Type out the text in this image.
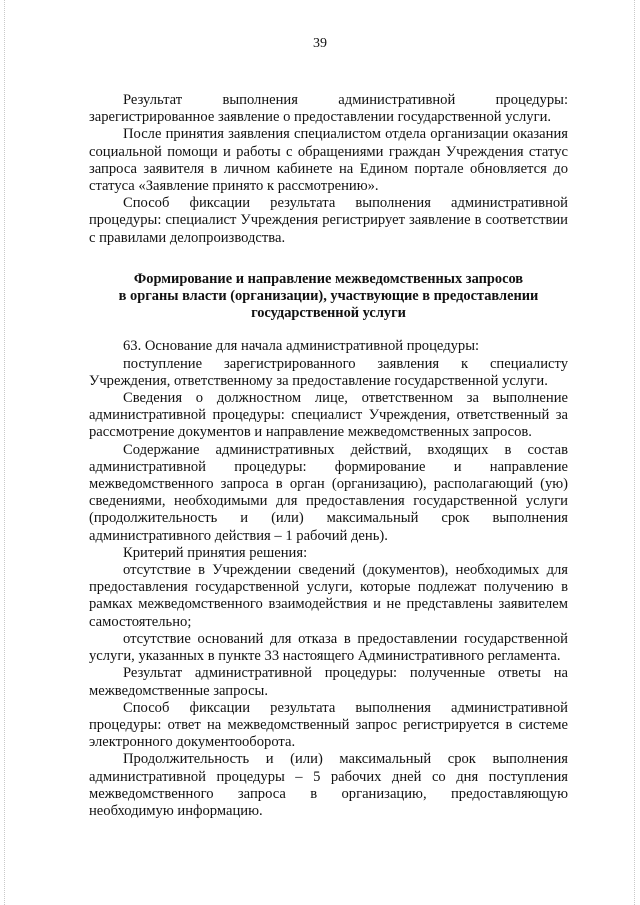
39

Результат выполнения административной процедуры: зарегистрированное заявление о предоставлении государственной услуги.

После принятия заявления специалистом отдела организации оказания социальной помощи и работы с обращениями граждан Учреждения статус запроса заявителя в личном кабинете на Едином портале обновляется до статуса «Заявление принято к рассмотрению».

Способ фиксации результата выполнения административной процедуры: специалист Учреждения регистрирует заявление в соответствии с правилами делопроизводства.

Формирование и направление межведомственных запросов
в органы власти (организации), участвующие в предоставлении
государственной услуги

63. Основание для начала административной процедуры:

поступление зарегистрированного заявления к специалисту Учреждения, ответственному за предоставление государственной услуги.

Сведения о должностном лице, ответственном за выполнение административной процедуры: специалист Учреждения, ответственный за рассмотрение документов и направление межведомственных запросов.

Содержание административных действий, входящих в состав административной процедуры: формирование и направление межведомственного запроса в орган (организацию), располагающий (ую) сведениями, необходимыми для предоставления государственной услуги (продолжительность и (или) максимальный срок выполнения административного действия – 1 рабочий день).

Критерий принятия решения:

отсутствие в Учреждении сведений (документов), необходимых для предоставления государственной услуги, которые подлежат получению в рамках межведомственного взаимодействия и не представлены заявителем самостоятельно;

отсутствие оснований для отказа в предоставлении государственной услуги, указанных в пункте 33 настоящего Административного регламента.

Результат административной процедуры: полученные ответы на межведомственные запросы.

Способ фиксации результата выполнения административной процедуры: ответ на межведомственный запрос регистрируется в системе электронного документооборота.

Продолжительность и (или) максимальный срок выполнения административной процедуры – 5 рабочих дней со дня поступления межведомственного запроса в организацию, предоставляющую необходимую информацию.
